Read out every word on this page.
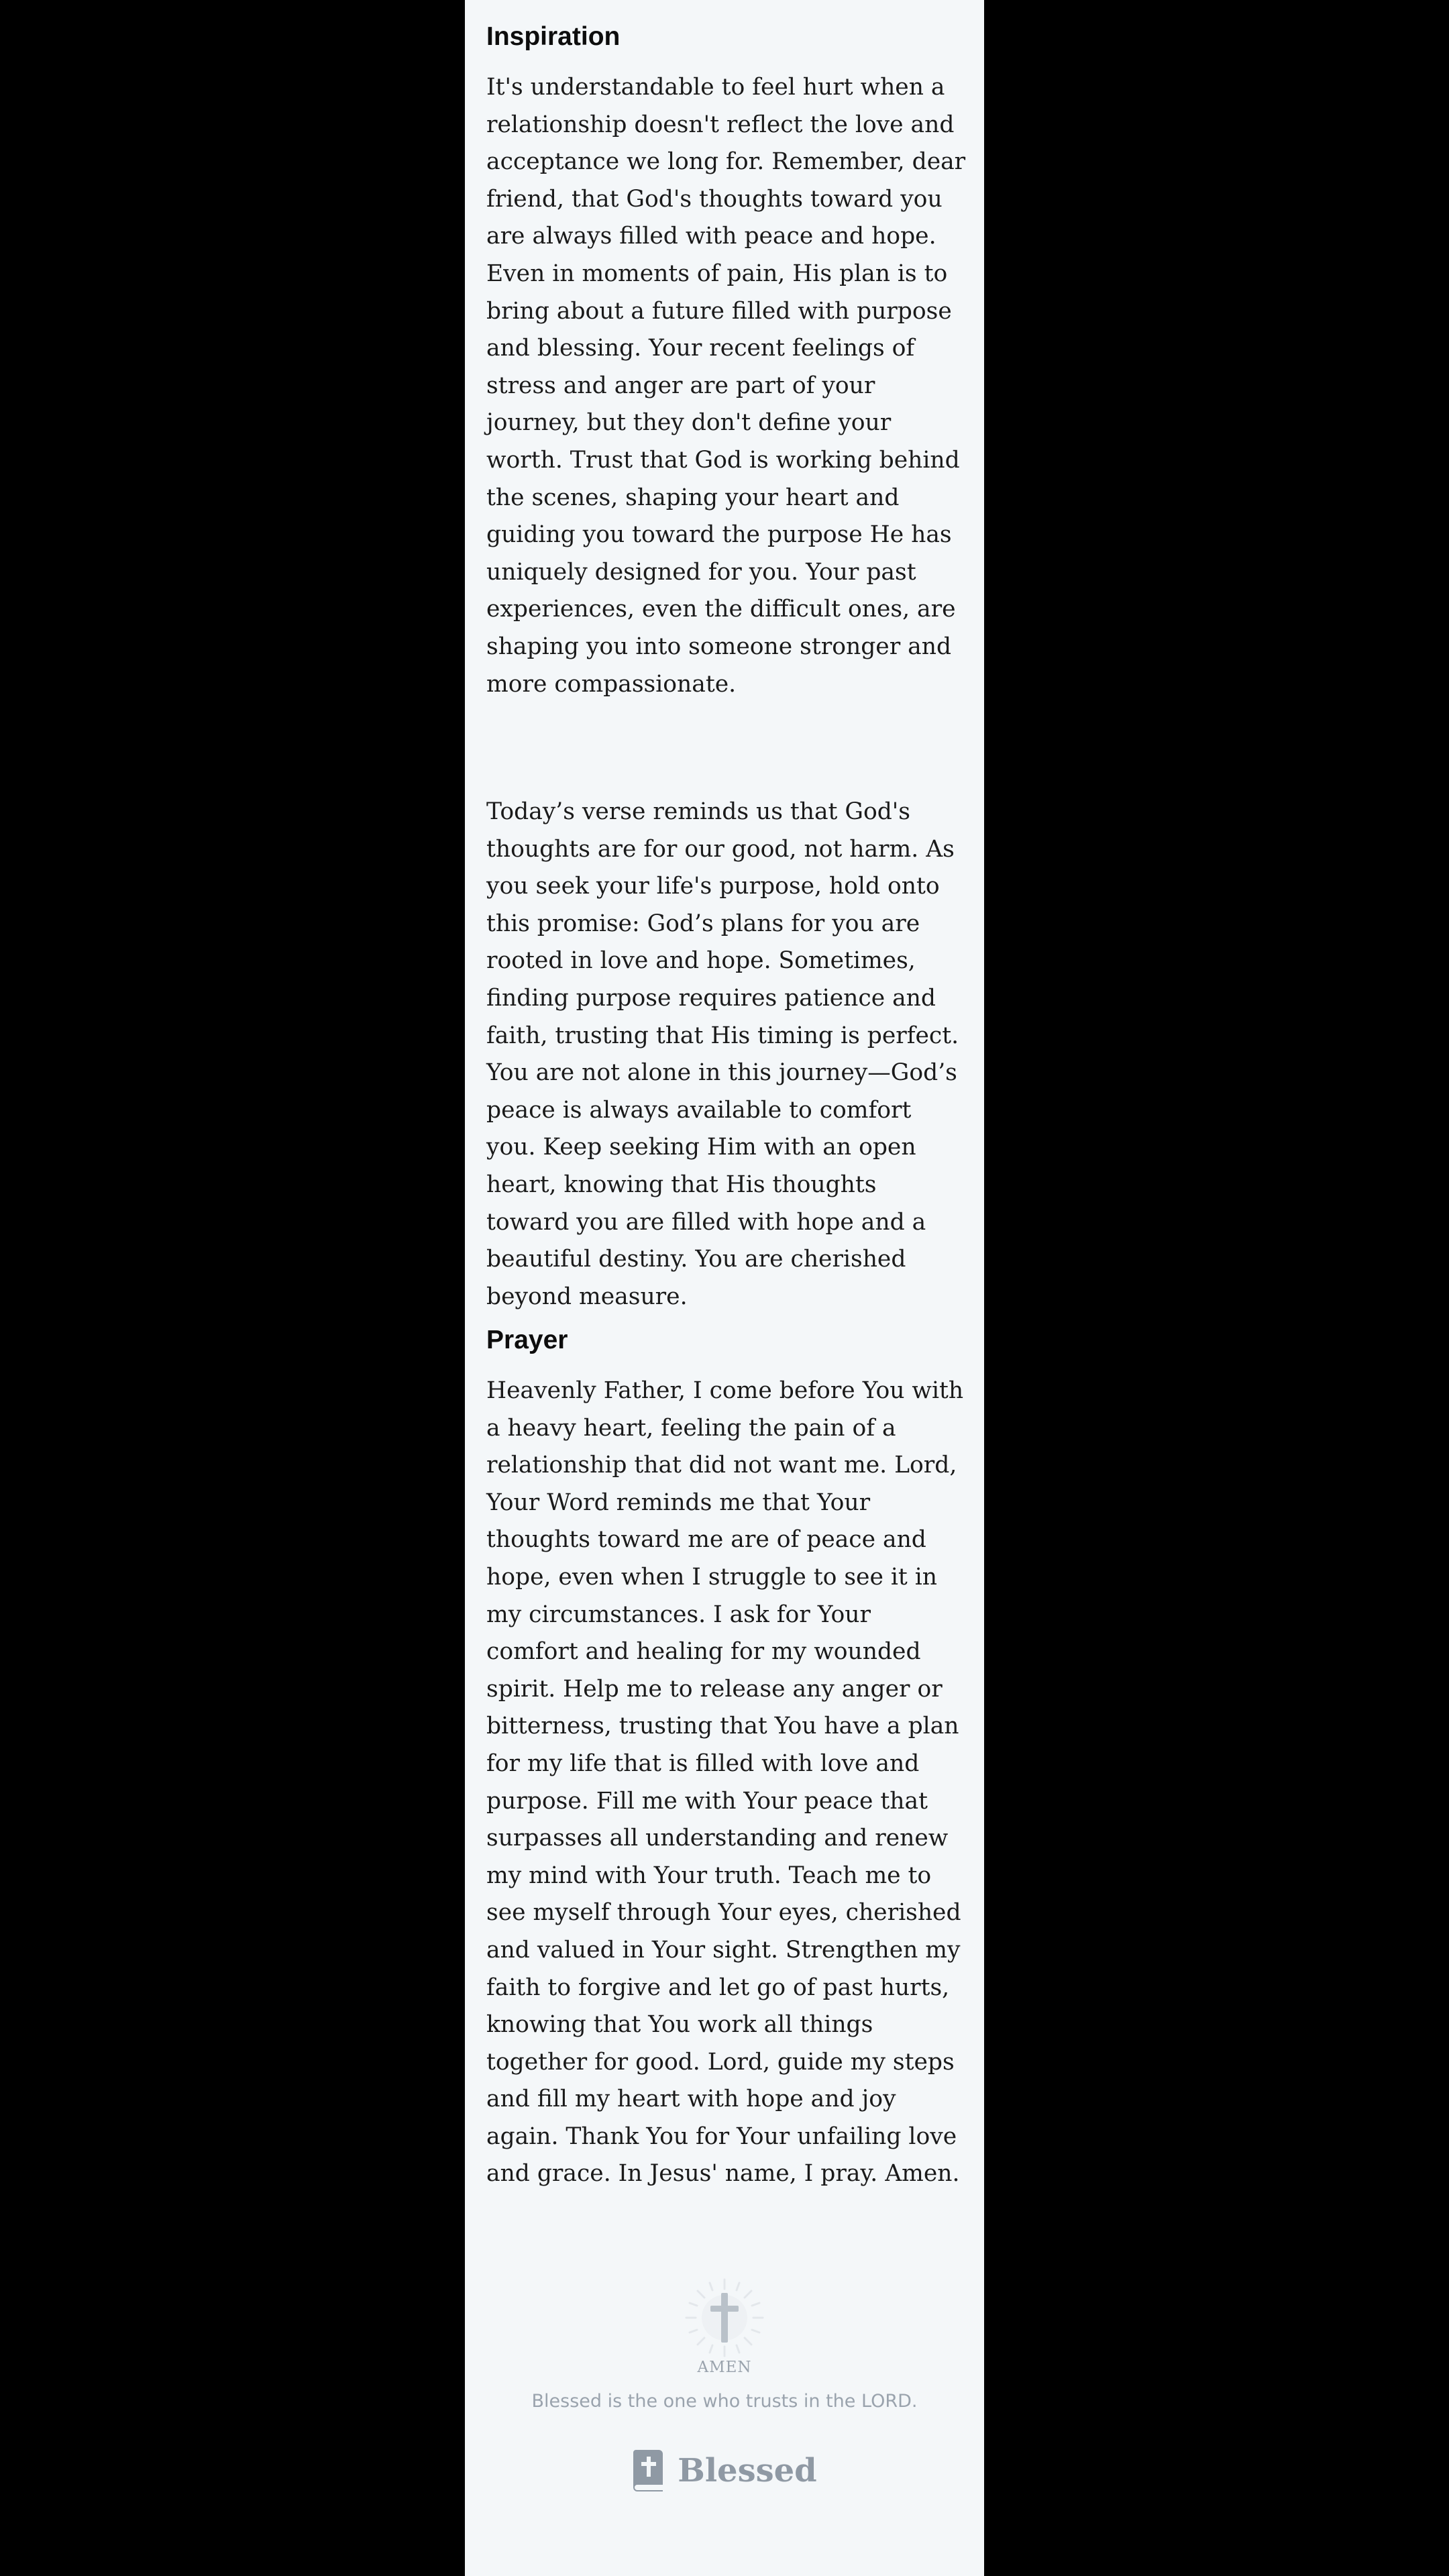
Inspiration

It's understandable to feel hurt when a relationship doesn't reflect the love and acceptance we long for. Remember, dear friend, that God's thoughts toward you are always filled with peace and hope. Even in moments of pain, His plan is to bring about a future filled with purpose and blessing. Your recent feelings of stress and anger are part of your journey, but they don't define your worth. Trust that God is working behind the scenes, shaping your heart and guiding you toward the purpose He has uniquely designed for you. Your past experiences, even the difficult ones, are shaping you into someone stronger and more compassionate.

Today’s verse reminds us that God's thoughts are for our good, not harm. As you seek your life's purpose, hold onto this promise: God’s plans for you are rooted in love and hope. Sometimes, finding purpose requires patience and faith, trusting that His timing is perfect. You are not alone in this journey—God’s peace is always available to comfort you. Keep seeking Him with an open heart, knowing that His thoughts toward you are filled with hope and a beautiful destiny. You are cherished beyond measure.

Prayer

Heavenly Father, I come before You with a heavy heart, feeling the pain of a relationship that did not want me. Lord, Your Word reminds me that Your thoughts toward me are of peace and hope, even when I struggle to see it in my circumstances. I ask for Your comfort and healing for my wounded spirit. Help me to release any anger or bitterness, trusting that You have a plan for my life that is filled with love and purpose. Fill me with Your peace that surpasses all understanding and renew my mind with Your truth. Teach me to see myself through Your eyes, cherished and valued in Your sight. Strengthen my faith to forgive and let go of past hurts, knowing that You work all things together for good. Lord, guide my steps and fill my heart with hope and joy again. Thank You for Your unfailing love and grace. In Jesus' name, I pray. Amen.

AMEN
Blessed is the one who trusts in the LORD.
Blessed
